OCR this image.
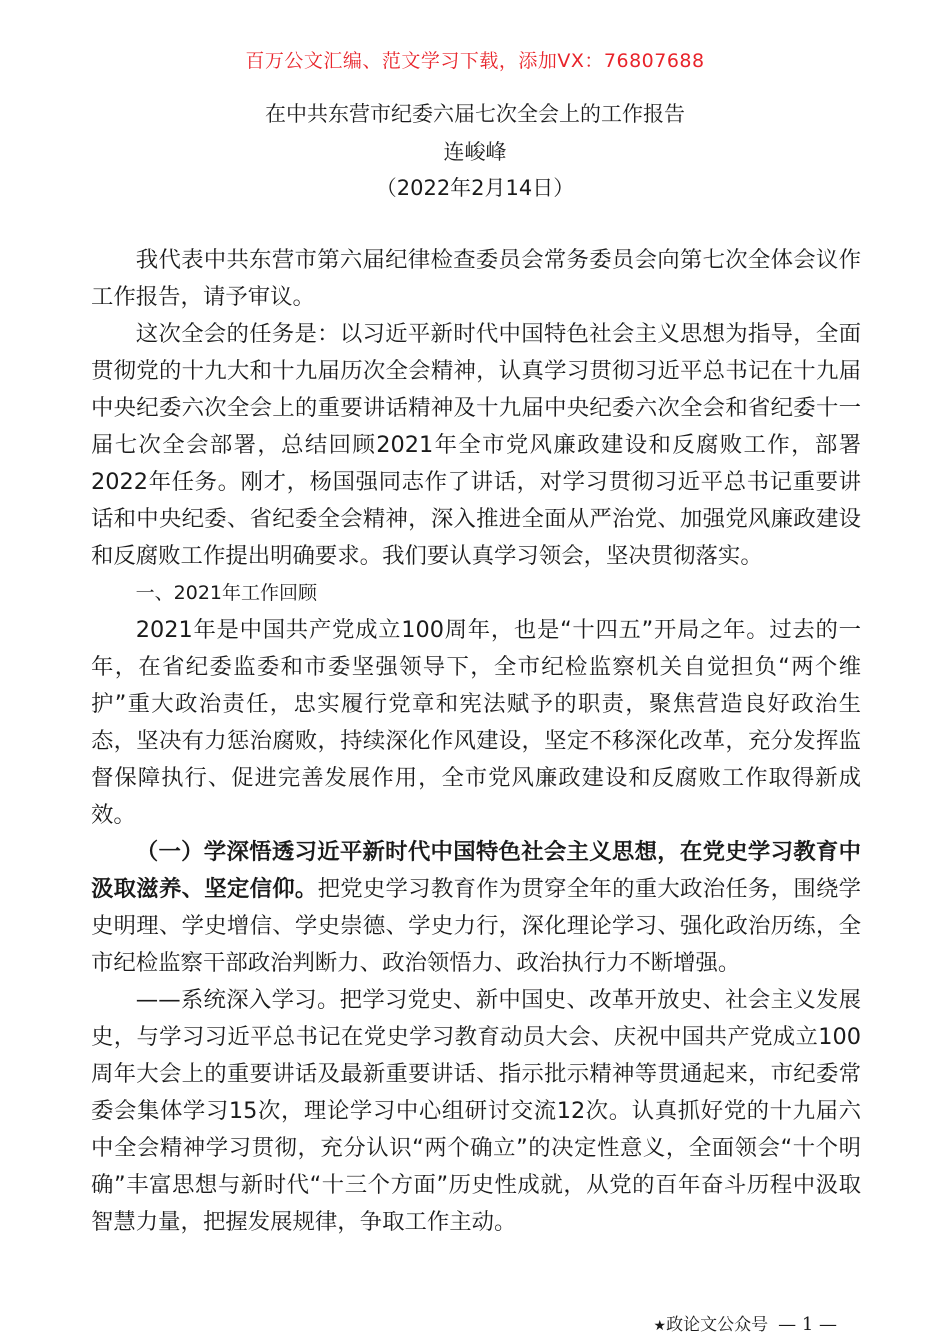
百万公文汇编、范文学习下载，添加VX：76807688
在中共东营市纪委六届七次全会上的工作报告
连峻峰
（2022年2月14日）

我代表中共东营市第六届纪律检查委员会常务委员会向第七次全体会议作工作报告，请予审议。

这次全会的任务是：以习近平新时代中国特色社会主义思想为指导，全面贯彻党的十九大和十九届历次全会精神，认真学习贯彻习近平总书记在十九届中央纪委六次全会上的重要讲话精神及十九届中央纪委六次全会和省纪委十一届七次全会部署，总结回顾2021年全市党风廉政建设和反腐败工作，部署2022年任务。刚才，杨国强同志作了讲话，对学习贯彻习近平总书记重要讲话和中央纪委、省纪委全会精神，深入推进全面从严治党、加强党风廉政建设和反腐败工作提出明确要求。我们要认真学习领会，坚决贯彻落实。

一、2021年工作回顾

2021年是中国共产党成立100周年，也是“十四五”开局之年。过去的一年，在省纪委监委和市委坚强领导下，全市纪检监察机关自觉担负“两个维护”重大政治责任，忠实履行党章和宪法赋予的职责，聚焦营造良好政治生态，坚决有力惩治腐败，持续深化作风建设，坚定不移深化改革，充分发挥监督保障执行、促进完善发展作用，全市党风廉政建设和反腐败工作取得新成效。

（一）学深悟透习近平新时代中国特色社会主义思想，在党史学习教育中汲取滋养、坚定信仰。把党史学习教育作为贯穿全年的重大政治任务，围绕学史明理、学史增信、学史崇德、学史力行，深化理论学习、强化政治历练，全市纪检监察干部政治判断力、政治领悟力、政治执行力不断增强。

——系统深入学习。把学习党史、新中国史、改革开放史、社会主义发展史，与学习习近平总书记在党史学习教育动员大会、庆祝中国共产党成立100周年大会上的重要讲话及最新重要讲话、指示批示精神等贯通起来，市纪委常委会集体学习15次，理论学习中心组研讨交流12次。认真抓好党的十九届六中全会精神学习贯彻，充分认识“两个确立”的决定性意义，全面领会“十个明确”丰富思想与新时代“十三个方面”历史性成就，从党的百年奋斗历程中汲取智慧力量，把握发展规律，争取工作主动。

★政论文公众号 — 1 —
